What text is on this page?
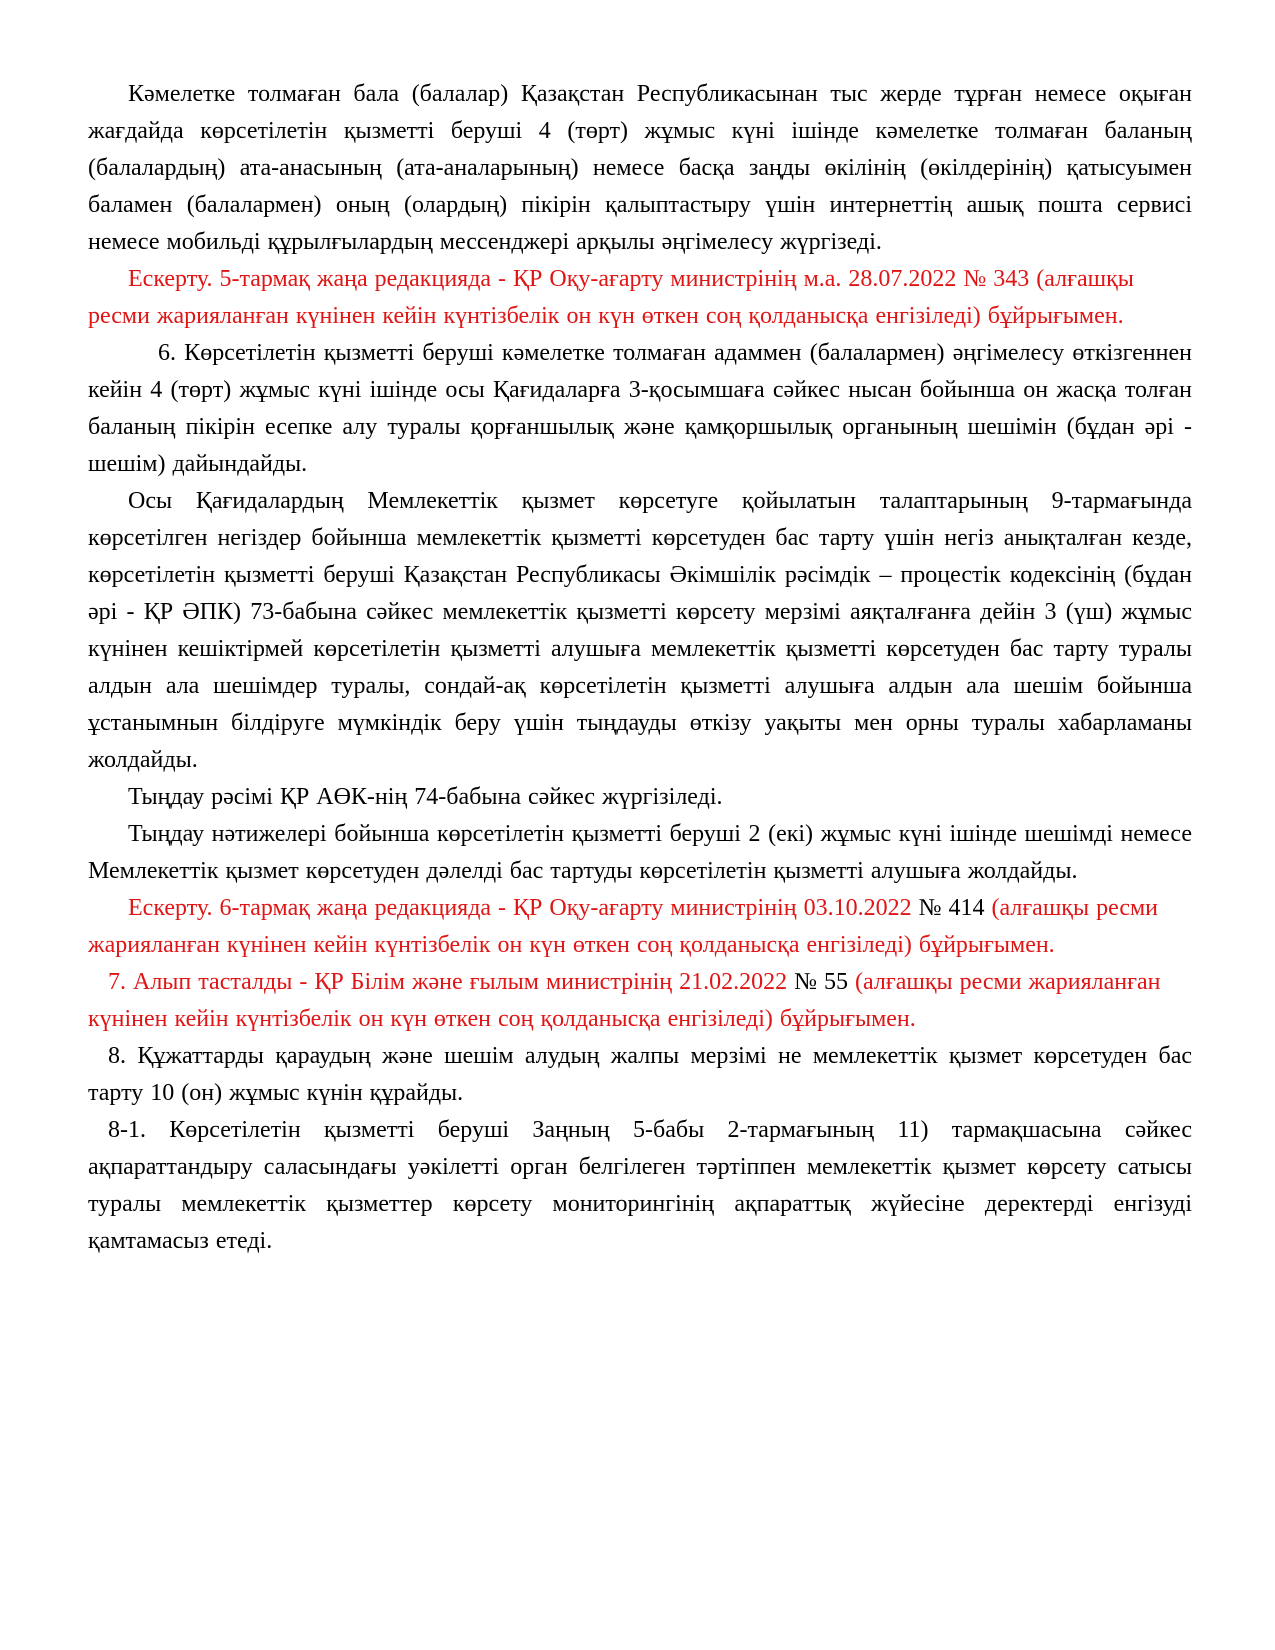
Кәмелетке толмаған бала (балалар) Қазақстан Республикасынан тыс жерде тұрған немесе оқыған жағдайда көрсетілетін қызметті беруші 4 (төрт) жұмыс күні ішінде кәмелетке толмаған баланың (балалардың) ата-анасының (ата-аналарының) немесе басқа заңды өкілінің (өкілдерінің) қатысуымен баламен (балалармен) оның (олардың) пікірін қалыптастыру үшін интернеттің ашық пошта сервисі немесе мобильді құрылғылардың мессенджері арқылы әңгімелесу жүргізеді.

Ескерту. 5-тармақ жаңа редакцияда - ҚР Оқу-ағарту министрінің м.а. 28.07.2022 № 343 (алғашқы ресми жарияланған күнінен кейін күнтізбелік он күн өткен соң қолданысқа енгізіледі) бұйрығымен.

6. Көрсетілетін қызметті беруші кәмелетке толмаған адаммен (балалармен) әңгімелесу өткізгеннен кейін 4 (төрт) жұмыс күні ішінде осы Қағидаларға 3-қосымшаға сәйкес нысан бойынша он жасқа толған баланың пікірін есепке алу туралы қорғаншылық және қамқоршылық органының шешімін (бұдан әрі - шешім) дайындайды.

Осы Қағидалардың Мемлекеттік қызмет көрсетуге қойылатын талаптарының 9-тармағында көрсетілген негіздер бойынша мемлекеттік қызметті көрсетуден бас тарту үшін негіз анықталған кезде, көрсетілетін қызметті беруші Қазақстан Республикасы Әкімшілік рәсімдік – процестік кодексінің (бұдан әрі - ҚР ӘПК) 73-бабына сәйкес мемлекеттік қызметті көрсету мерзімі аяқталғанға дейін 3 (үш) жұмыс күнінен кешіктірмей көрсетілетін қызметті алушыға мемлекеттік қызметті көрсетуден бас тарту туралы алдын ала шешімдер туралы, сондай-ақ көрсетілетін қызметті алушыға алдын ала шешім бойынша ұстанымнын білдіруге мүмкіндік беру үшін тыңдауды өткізу уақыты мен орны туралы хабарламаны жолдайды.

Тыңдау рәсімі ҚР АӨК-нің 74-бабына сәйкес жүргізіледі.

Тыңдау нәтижелері бойынша көрсетілетін қызметті беруші 2 (екі) жұмыс күні ішінде шешімді немесе Мемлекеттік қызмет көрсетуден дәлелді бас тартуды көрсетілетін қызметті алушыға жолдайды.

Ескерту. 6-тармақ жаңа редакцияда - ҚР Оқу-ағарту министрінің 03.10.2022 № 414 (алғашқы ресми жарияланған күнінен кейін күнтізбелік он күн өткен соң қолданысқа енгізіледі) бұйрығымен.

7. Алып тасталды - ҚР Білім және ғылым министрінің 21.02.2022 № 55 (алғашқы ресми жарияланған күнінен кейін күнтізбелік он күн өткен соң қолданысқа енгізіледі) бұйрығымен.

8. Құжаттарды қараудың және шешім алудың жалпы мерзімі не мемлекеттік қызмет көрсетуден бас тарту 10 (он) жұмыс күнін құрайды.

8-1. Көрсетілетін қызметті беруші Заңның 5-бабы 2-тармағының 11) тармақшасына сәйкес ақпараттандыру саласындағы уәкілетті орган белгілеген тәртіппен мемлекеттік қызмет көрсету сатысы туралы мемлекеттік қызметтер көрсету мониторингінің ақпараттық жүйесіне деректерді енгізуді қамтамасыз етеді.
